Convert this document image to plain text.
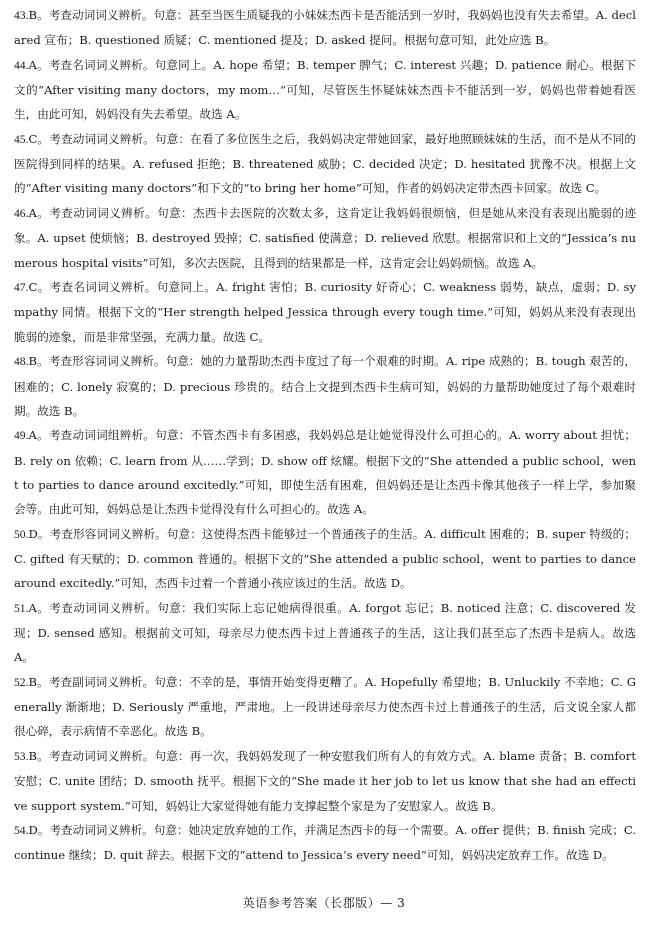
43.B。考查动词词义辨析。句意：甚至当医生质疑我的小妹妹杰西卡是否能活到一岁时，我妈妈也没有失去希望。A. declared 宣布；B. questioned 质疑；C. mentioned 提及；D. asked 提问。根据句意可知，此处应选 B。

44.A。考查名词词义辨析。句意同上。A. hope 希望；B. temper 脾气；C. interest 兴趣；D. patience 耐心。根据下文的“After visiting many doctors，my mom…”可知，尽管医生怀疑妹妹杰西卡不能活到一岁，妈妈也带着她看医生，由此可知，妈妈没有失去希望。故选 A。

45.C。考查动词词义辨析。句意：在看了多位医生之后，我妈妈决定带她回家，最好地照顾妹妹的生活，而不是从不同的医院得到同样的结果。A. refused 拒绝；B. threatened 威胁；C. decided 决定；D. hesitated 犹豫不决。根据上文的“After visiting many doctors”和下文的“to bring her home”可知，作者的妈妈决定带杰西卡回家。故选 C。

46.A。考查动词词义辨析。句意：杰西卡去医院的次数太多，这肯定让我妈妈很烦恼，但是她从来没有表现出脆弱的迹象。A. upset 使烦恼；B. destroyed 毁掉；C. satisfied 使满意；D. relieved 欣慰。根据常识和上文的“Jessica’s numerous hospital visits”可知，多次去医院，且得到的结果都是一样，这肯定会让妈妈烦恼。故选 A。

47.C。考查名词词义辨析。句意同上。A. fright 害怕；B. curiosity 好奇心；C. weakness 弱势，缺点，虚弱；D. sympathy 同情。根据下文的“Her strength helped Jessica through every tough time.”可知，妈妈从来没有表现出脆弱的迹象，而是非常坚强，充满力量。故选 C。

48.B。考查形容词词义辨析。句意：她的力量帮助杰西卡度过了每一个艰难的时期。A. ripe 成熟的；B. tough 艰苦的，困难的；C. lonely 寂寞的；D. precious 珍贵的。结合上文提到杰西卡生病可知，妈妈的力量帮助她度过了每个艰难时期。故选 B。

49.A。考查动词词组辨析。句意：不管杰西卡有多困惑，我妈妈总是让她觉得没什么可担心的。A. worry about 担忧；B. rely on 依赖；C. learn from 从……学到；D. show off 炫耀。根据下文的“She attended a public school，went to parties to dance around excitedly.”可知，即使生活有困难，但妈妈还是让杰西卡像其他孩子一样上学，参加聚会等。由此可知，妈妈总是让杰西卡觉得没有什么可担心的。故选 A。

50.D。考查形容词词义辨析。句意：这使得杰西卡能够过一个普通孩子的生活。A. difficult 困难的；B. super 特级的；C. gifted 有天赋的；D. common 普通的。根据下文的“She attended a public school，went to parties to dance around excitedly.”可知，杰西卡过着一个普通小孩应该过的生活。故选 D。

51.A。考查动词词义辨析。句意：我们实际上忘记她病得很重。A. forgot 忘记；B. noticed 注意；C. discovered 发现；D. sensed 感知。根据前文可知，母亲尽力使杰西卡过上普通孩子的生活，这让我们甚至忘了杰西卡是病人。故选 A。

52.B。考查副词词义辨析。句意：不幸的是，事情开始变得更糟了。A. Hopefully 希望地；B. Unluckily 不幸地；C. Generally 渐渐地；D. Seriously 严重地，严肃地。上一段讲述母亲尽力使杰西卡过上普通孩子的生活，后文说全家人都很心碎，表示病情不幸恶化。故选 B。

53.B。考查动词词义辨析。句意：再一次，我妈妈发现了一种安慰我们所有人的有效方式。A. blame 责备；B. comfort 安慰；C. unite 团结；D. smooth 抚平。根据下文的“She made it her job to let us know that she had an effective support system.”可知，妈妈让大家觉得她有能力支撑起整个家是为了安慰家人。故选 B。

54.D。考查动词词义辨析。句意：她决定放弃她的工作，并满足杰西卡的每一个需要。A. offer 提供；B. finish 完成；C. continue 继续；D. quit 辞去。根据下文的“attend to Jessica’s every need”可知，妈妈决定放弃工作。故选 D。

英语参考答案（长郡版）— 3
